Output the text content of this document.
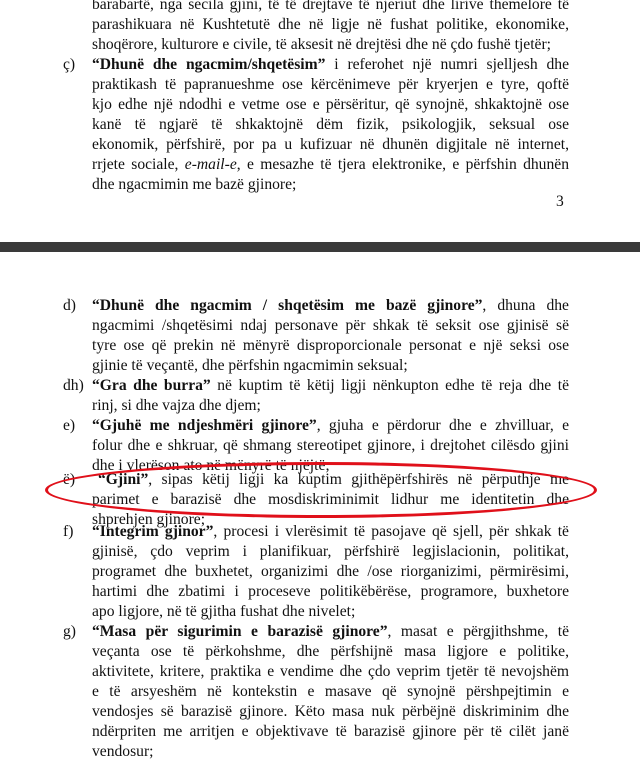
barabartë, nga secila gjini, të të drejtave të njeriut dhe lirive themelore të
parashikuara në Kushtetutë dhe në ligje në fushat politike, ekonomike,
shoqërore, kulturore e civile, të aksesit në drejtësi dhe në çdo fushë tjetër;
ç) “Dhunë dhe ngacmim/shqetësim” i referohet një numri sjelljesh dhe
praktikash të papranueshme ose kërcënimeve për kryerjen e tyre, qoftë
kjo edhe një ndodhi e vetme ose e përsëritur, që synojnë, shkaktojnë ose
kanë të ngjarë të shkaktojnë dëm fizik, psikologjik, seksual ose
ekonomik, përfshirë, por pa u kufizuar në dhunën digjitale në internet,
rrjete sociale, e-mail-e, e mesazhe të tjera elektronike, e përfshin dhunën
dhe ngacmimin me bazë gjinore;
3
d) “Dhunë dhe ngacmim / shqetësim me bazë gjinore”, dhuna dhe
ngacmimi /shqetësimi ndaj personave për shkak të seksit ose gjinisë së
tyre ose që prekin në mënyrë disproporcionale personat e një seksi ose
gjinie të veçantë, dhe përfshin ngacmimin seksual;
dh) “Gra dhe burra” në kuptim të këtij ligji nënkupton edhe të reja dhe të
rinj, si dhe vajza dhe djem;
e) “Gjuhë me ndjeshmëri gjinore”, gjuha e përdorur dhe e zhvilluar, e
folur dhe e shkruar, që shmang stereotipet gjinore, i drejtohet cilësdo gjini
dhe i vlerëson ato në mënyrë të njëjtë;
ë) “Gjini”, sipas këtij ligji ka kuptim gjithëpërfshirës në përputhje me
parimet e barazisë dhe mosdiskriminimit lidhur me identitetin dhe
shprehjen gjinore;
f) “Integrim gjinor”, procesi i vlerësimit të pasojave që sjell, për shkak të
gjinisë, çdo veprim i planifikuar, përfshirë legjislacionin, politikat,
programet dhe buxhetet, organizimi dhe /ose riorganizimi, përmirësimi,
hartimi dhe zbatimi i proceseve politikëbërëse, programore, buxhetore
apo ligjore, në të gjitha fushat dhe nivelet;
g) “Masa për sigurimin e barazisë gjinore”, masat e përgjithshme, të
veçanta ose të përkohshme, dhe përfshijnë masa ligjore e politike,
aktivitete, kritere, praktika e vendime dhe çdo veprim tjetër të nevojshëm
e të arsyeshëm në kontekstin e masave që synojnë përshpejtimin e
vendosjes së barazisë gjinore. Këto masa nuk përbëjnë diskriminim dhe
ndërpriten me arritjen e objektivave të barazisë gjinore për të cilët janë
vendosur;
